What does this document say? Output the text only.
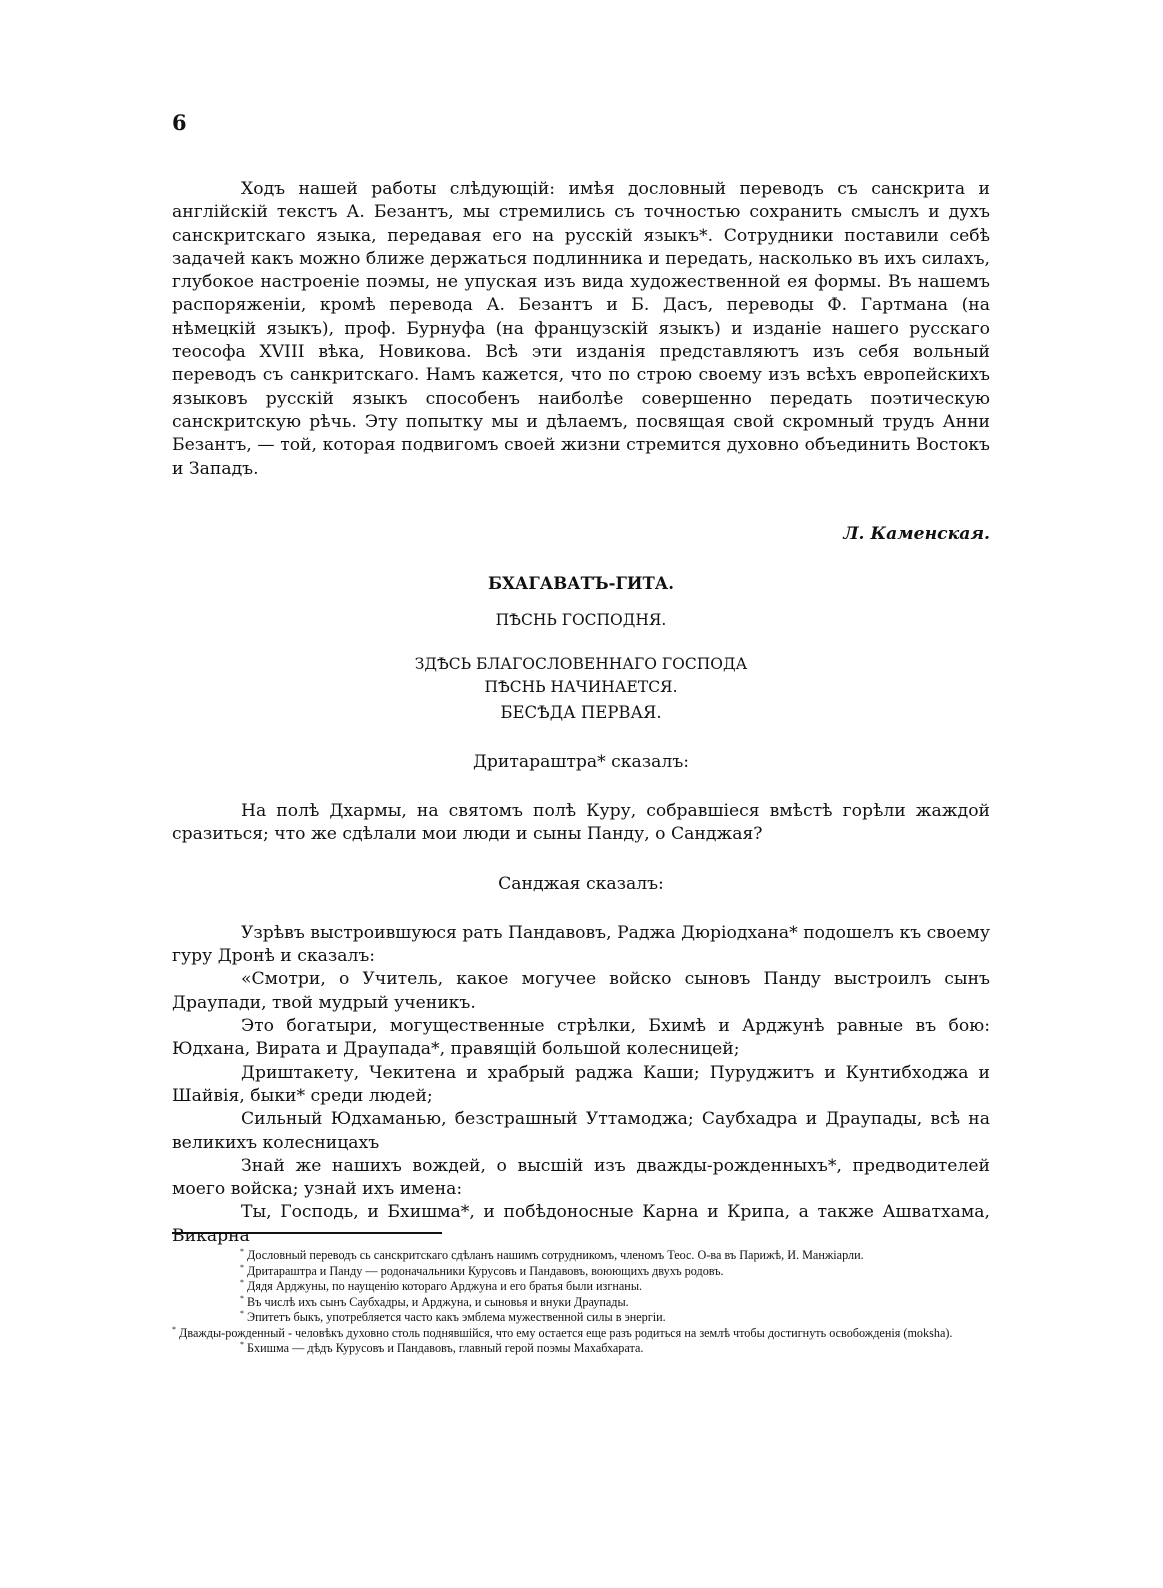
6

Ходъ нашей работы слѣдующій: имѣя дословный переводъ съ санскрита и англійскій текстъ А. Безантъ, мы стремились съ точностью сохранить смыслъ и духъ санскритскаго языка, передавая его на русскій языкъ*. Сотрудники поставили себѣ задачей какъ можно ближе держаться подлинника и передать, насколько въ ихъ силахъ, глубокое настроеніе поэмы, не упуская изъ вида художественной ея формы. Въ нашемъ распоряженіи, кромѣ перевода А. Безантъ и Б. Дасъ, переводы Ф. Гартмана (на нѣмецкій языкъ), проф. Бурнуфа (на французскій языкъ) и изданіе нашего русскаго теософа XVIII вѣка, Новикова. Всѣ эти изданія представляютъ изъ себя вольный переводъ съ санкритскаго. Намъ кажется, что по строю своему изъ всѣхъ европейскихъ языковъ русскій языкъ способенъ наиболѣе совершенно передать поэтическую санскритскую рѣчь. Эту попытку мы и дѣлаемъ, посвящая свой скромный трудъ Анни Безантъ, — той, которая подвигомъ своей жизни стремится духовно объединить Востокъ и Западъ.

Л. Каменская.

БХАГАВАТЪ-ГИТА.
ПѢСНЬ ГОСПОДНЯ.
ЗДѢСЬ БЛАГОСЛОВЕННАГО ГОСПОДА
ПѢСНЬ НАЧИНАЕТСЯ.
БЕСѢДА ПЕРВАЯ.
Дритараштра* сказалъ:

На полѣ Дхармы, на святомъ полѣ Куру, собравшіеся вмѣстѣ горѣли жаждой сразиться; что же сдѣлали мои люди и сыны Панду, о Санджая?

Санджая сказалъ:

Узрѣвъ выстроившуюся рать Пандавовъ, Раджа Дюріодхана* подошелъ къ своему гуру Дронѣ и сказалъ:

«Смотри, о Учитель, какое могучее войско сыновъ Панду выстроилъ сынъ Драупади, твой мудрый ученикъ.

Это богатыри, могущественные стрѣлки, Бхимѣ и Арджунѣ равные въ бою: Юдхана, Вирата и Драупада*, правящій большой колесницей;

Дриштакету, Чекитена и храбрый раджа Каши; Пуруджитъ и Кунтибходжа и Шайвія, быки* среди людей;

Сильный Юдхаманью, безстрашный Уттамоджа; Саубхадра и Драупады, всѣ на великихъ колесницахъ

Знай же нашихъ вождей, о высшій изъ дважды-рожденныхъ*, предводителей моего войска; узнай ихъ имена:

Ты, Господь, и Бхишма*, и побѣдоносные Карна и Крипа, а также Ашватхама, Викарна

* Дословный переводъ сь санскритскаго сдѣланъ нашимъ сотрудникомъ, членомъ Теос. О-ва въ Парижѣ, И. Манжіарли.

* Дритараштра и Панду — родоначальники Курусовъ и Пандавовъ, воюющихъ двухъ родовъ.

* Дядя Арджуны, по наущенію котораго Арджуна и его братья были изгнаны.

* Въ числѣ ихъ сынъ Саубхадры, и Арджуна, и сыновья и внуки Драупады.

* Эпитетъ быкъ, употребляется часто какъ эмблема мужественной силы в энергіи.

* Дважды-рожденный - человѣкъ духовно столь поднявшійся, что ему остается еще разъ родиться на землѣ чтобы достигнуть освобожденія (moksha).

* Бхишма — дѣдъ Курусовъ и Пандавовъ, главный герой поэмы Махабхарата.
